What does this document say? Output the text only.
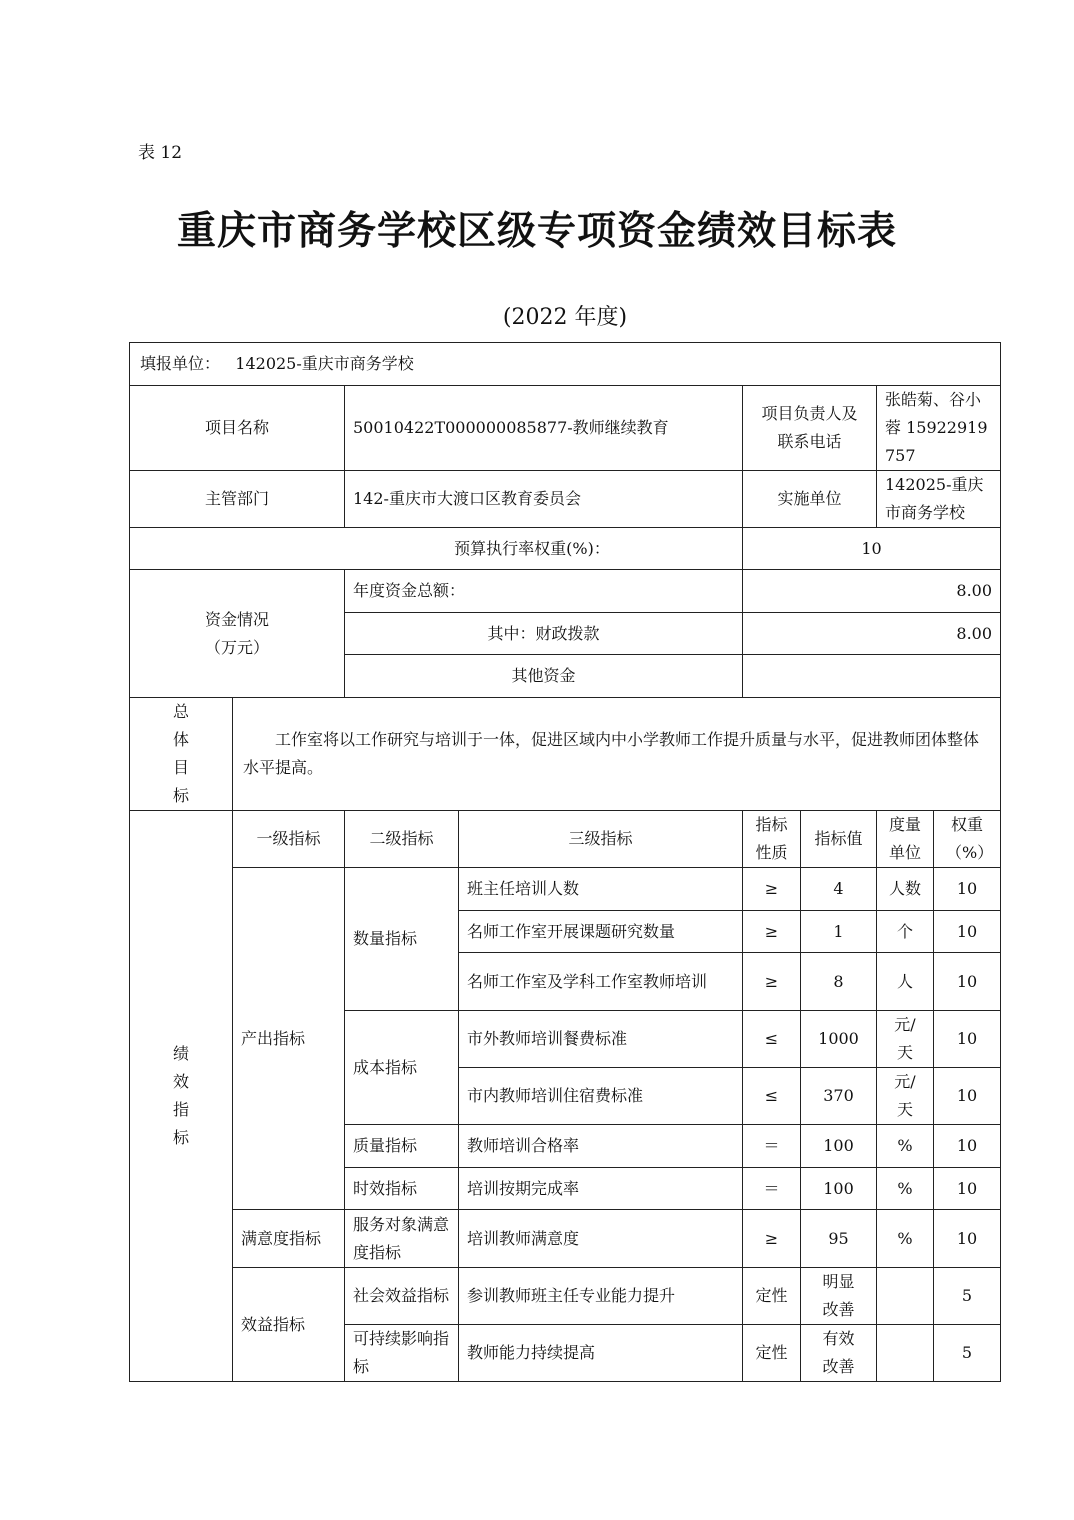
表 12
重庆市商务学校区级专项资金绩效目标表
(2022 年度)
填报单位： 142025-重庆市商务学校							
项目名称		50010422T000000085877-教师继续教育		项目负责人及联系电话		张皓菊、谷小蓉 15922919757	
主管部门		142-重庆市大渡口区教育委员会		实施单位		142025-重庆市商务学校	
预算执行率权重(%)：				10			

资金情况
（万元）		年度资金总额：		8.00			
		其中：财政拨款		8.00			
		其他资金					

总
体
目
标	工作室将以工作研究与培训于一体，促进区域内中小学教师工作提升质量与水平，促进教师团体整体水平提高。						

绩
效
指
标	一级指标	二级指标	三级指标	指标性质	指标值	度量单位	权重（%）
	产出指标	数量指标	班主任培训人数	≥	4	人数	10
			名师工作室开展课题研究数量	≥	1	个	10
			名师工作室及学科工作室教师培训	≥	8	人	10
		成本指标	市外教师培训餐费标准	≤	1000	元/天	10
			市内教师培训住宿费标准	≤	370	元/天	10
		质量指标	教师培训合格率	＝	100	%	10
		时效指标	培训按期完成率	＝	100	%	10
	满意度指标	服务对象满意度指标	培训教师满意度	≥	95	%	10
	效益指标	社会效益指标	参训教师班主任专业能力提升	定性	明显改善		5
		可持续影响指标	教师能力持续提高	定性	有效改善		5
